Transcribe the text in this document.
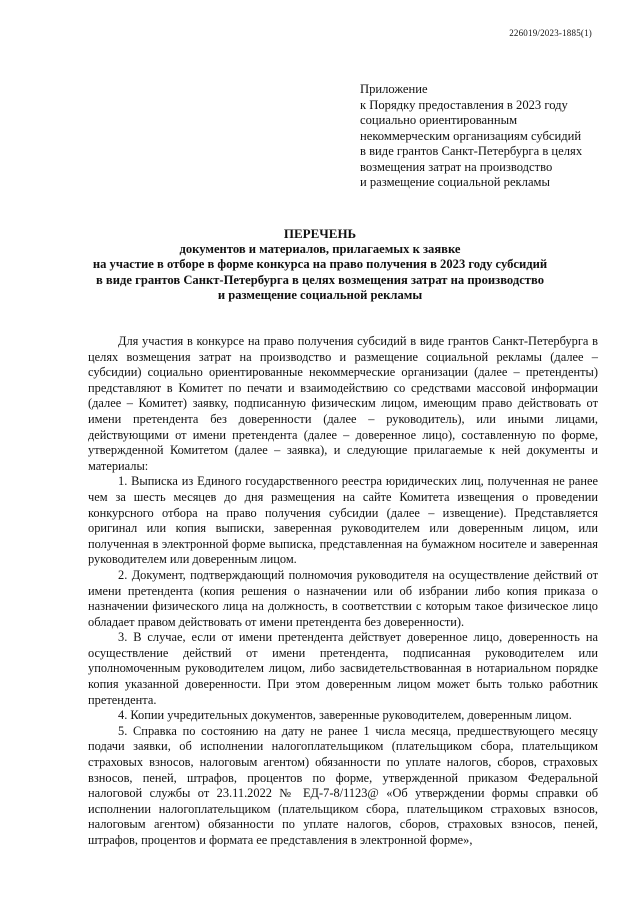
226019/2023-1885(1)
Приложение
к Порядку предоставления в 2023 году
социально ориентированным
некоммерческим организациям субсидий
в виде грантов Санкт-Петербурга в целях
возмещения затрат на производство
и размещение социальной рекламы
ПЕРЕЧЕНЬ
документов и материалов, прилагаемых к заявке
на участие в отборе в форме конкурса на право получения в 2023 году субсидий
в виде грантов Санкт-Петербурга в целях возмещения затрат на производство
и размещение социальной рекламы

Для участия в конкурсе на право получения субсидий в виде грантов Санкт-Петербурга в целях возмещения затрат на производство и размещение социальной рекламы (далее – субсидии) социально ориентированные некоммерческие организации (далее – претенденты) представляют в Комитет по печати и взаимодействию со средствами массовой информации (далее – Комитет) заявку, подписанную физическим лицом, имеющим право действовать от имени претендента без доверенности (далее – руководитель), или иными лицами, действующими от имени претендента (далее – доверенное лицо), составленную по форме, утвержденной Комитетом (далее – заявка), и следующие прилагаемые к ней документы и материалы:

1. Выписка из Единого государственного реестра юридических лиц, полученная не ранее чем за шесть месяцев до дня размещения на сайте Комитета извещения о проведении конкурсного отбора на право получения субсидии (далее – извещение). Представляется оригинал или копия выписки, заверенная руководителем или доверенным лицом, или полученная в электронной форме выписка, представленная на бумажном носителе и заверенная руководителем или доверенным лицом.

2. Документ, подтверждающий полномочия руководителя на осуществление действий от имени претендента (копия решения о назначении или об избрании либо копия приказа о назначении физического лица на должность, в соответствии с которым такое физическое лицо обладает правом действовать от имени претендента без доверенности).

3. В случае, если от имени претендента действует доверенное лицо, доверенность на осуществление действий от имени претендента, подписанная руководителем или уполномоченным руководителем лицом, либо засвидетельствованная в нотариальном порядке копия указанной доверенности. При этом доверенным лицом может быть только работник претендента.

4. Копии учредительных документов, заверенные руководителем, доверенным лицом.

5. Справка по состоянию на дату не ранее 1 числа месяца, предшествующего месяцу подачи заявки, об исполнении налогоплательщиком (плательщиком сбора, плательщиком страховых взносов, налоговым агентом) обязанности по уплате налогов, сборов, страховых взносов, пеней, штрафов, процентов по форме, утвержденной приказом Федеральной налоговой службы от 23.11.2022 № ЕД-7-8/1123@ «Об утверждении формы справки об исполнении налогоплательщиком (плательщиком сбора, плательщиком страховых взносов, налоговым агентом) обязанности по уплате налогов, сборов, страховых взносов, пеней, штрафов, процентов и формата ее представления в электронной форме»,
